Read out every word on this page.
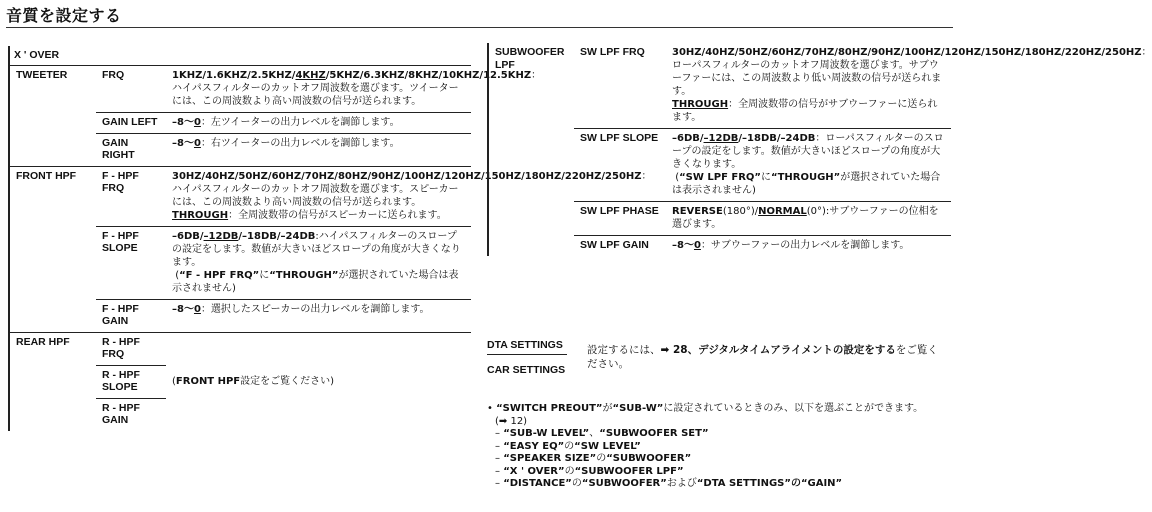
音質を設定する
X ' OVER		
TWEETER	FRQ	1KHZ/1.6KHZ/2.5KHZ/4KHZ/5KHZ/6.3KHZ/8KHZ/10KHZ/12.5KHZ：ハイパスフィルターのカットオフ周波数を選びます。ツイーターには、この周波数より高い周波数の信号が送られます。
	GAIN LEFT	–8～0：左ツイーターの出力レベルを調節します。
	GAIN RIGHT	–8～0：右ツイーターの出力レベルを調節します。
FRONT HPF	F - HPF FRQ	30HZ/40HZ/50HZ/60HZ/70HZ/80HZ/90HZ/100HZ/120HZ/150HZ/180HZ/220HZ/250HZ：ハイパスフィルターのカットオフ周波数を選びます。スピーカーには、この周波数より高い周波数の信号が送られます。
THROUGH：全周波数帯の信号がスピーカーに送られます。
	F - HPF SLOPE	–6DB/–12DB/–18DB/–24DB:ハイパスフィルターのスロープの設定をします。数値が大きいほどスロープの角度が大きくなります。
(“F - HPF FRQ”に“THROUGH”が選択されていた場合は表示されません)
	F - HPF GAIN	–8～0：選択したスピーカーの出力レベルを調節します。
REAR HPF	R - HPF FRQ	(FRONT HPF設定をご覧ください)
	R - HPF SLOPE	
	R - HPF GAIN	
SUBWOOFER LPF	SW LPF FRQ	30HZ/40HZ/50HZ/60HZ/70HZ/80HZ/90HZ/100HZ/120HZ/150HZ/180HZ/220HZ/250HZ：ローパスフィルターのカットオフ周波数を選びます。サブウーファーには、この周波数より低い周波数の信号が送られます。
THROUGH：全周波数帯の信号がサブウーファーに送られます。
	SW LPF SLOPE	–6DB/–12DB/–18DB/–24DB：ローパスフィルターのスロープの設定をします。数値が大きいほどスロープの角度が大きくなります。
(“SW LPF FRQ”に“THROUGH”が選択されていた場合は表示されません)
	SW LPF PHASE	REVERSE(180°)/NORMAL(0°):サブウーファーの位相を選びます。
	SW LPF GAIN	–8～0：サブウーファーの出力レベルを調節します。
DTA SETTINGS
CAR SETTINGS
設定するには、➡ 28、デジタルタイムアライメントの設定をするをご覧ください。
• “SWITCH PREOUT”が“SUB-W”に設定されているときのみ、以下を選ぶことができます。
(➡ 12)
– “SUB-W LEVEL”、“SUBWOOFER SET”
– “EASY EQ”の“SW LEVEL”
– “SPEAKER SIZE”の“SUBWOOFER”
– “X ' OVER”の“SUBWOOFER LPF”
– “DISTANCE”の“SUBWOOFER”および“DTA SETTINGS”の“GAIN”
